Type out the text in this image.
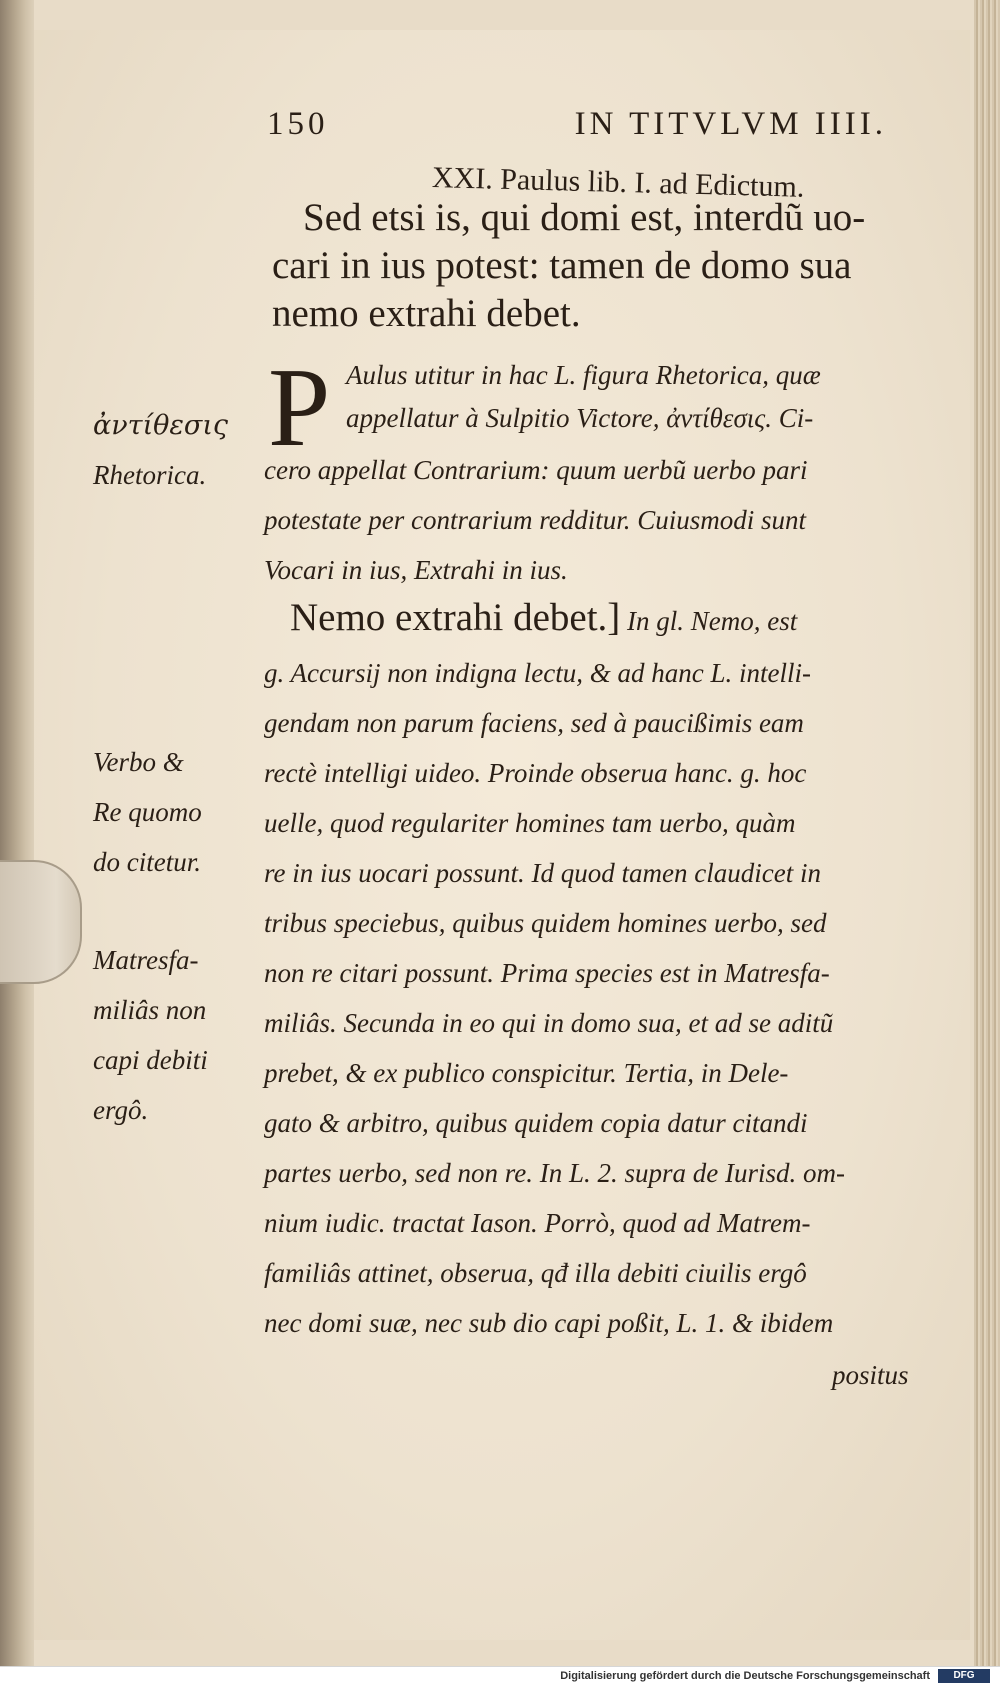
150	IN TITVLVM IIII.
XXI. Paulus lib. I. ad Edictum.
Sed etsi is, qui domi est, interdũ uo-
cari in ius potest: tamen de domo sua
nemo extrahi debet.
P Aulus utitur in hac L. figura Rhetorica, quæ
appellatur à Sulpitio Victore, ἀντίθεσις. Ci-
cero appellat Contrarium: quum uerbũ uerbo pari
potestate per contrarium redditur. Cuiusmodi sunt
Vocari in ius, Extrahi in ius.
Nemo extrahi debet.] In gl. Nemo, est
g. Accursij non indigna lectu, & ad hanc L. intelli-
gendam non parum faciens, sed à paucißimis eam
rectè intelligi uideo. Proinde obserua hanc. g. hoc
uelle, quod regulariter homines tam uerbo, quàm
re in ius uocari possunt. Id quod tamen claudicet in
tribus speciebus, quibus quidem homines uerbo, sed
non re citari possunt. Prima species est in Matresfa-
miliâs. Secunda in eo qui in domo sua, et ad se aditũ
prebet, & ex publico conspicitur. Tertia, in Dele-
gato & arbitro, quibus quidem copia datur citandi
partes uerbo, sed non re. In L. 2. supra de Iurisd. om-
nium iudic. tractat Iason. Porrò, quod ad Matrem-
familiâs attinet, obserua, qđ illa debiti ciuilis ergô
nec domi suæ, nec sub dio capi poßit, L. 1. & ibidem
positus
ἀντίθεσις
Rhetorica.
Verbo &
Re quomo
do citetur.
Matresfa-
miliâs non
capi debiti
ergô.
Digitalisierung gefördert durch die Deutsche Forschungsgemeinschaft	DFG
